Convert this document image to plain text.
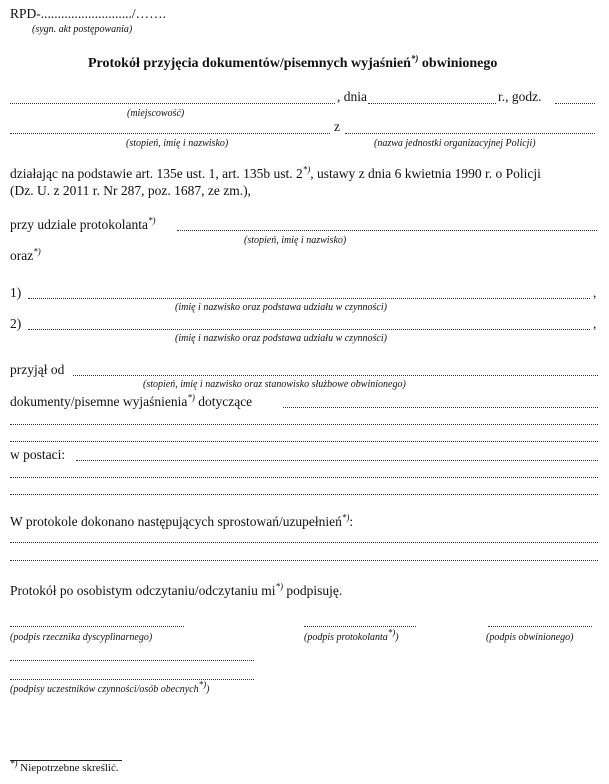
RPD-.........................../…….
(sygn. akt postępowania)
Protokół przyjęcia dokumentów/pisemnych wyjaśnień*) obwinionego
, dnia	r., godz.
(miejscowość)
z
(stopień, imię i nazwisko)	(nazwa jednostki organizacyjnej Policji)
działając na podstawie art. 135e ust. 1, art. 135b ust. 2*), ustawy z dnia 6 kwietnia 1990 r. o Policji
(Dz. U. z 2011 r. Nr 287, poz. 1687, ze zm.),
przy udziale protokolanta*)
(stopień, imię i nazwisko)
oraz*)
1)	,
(imię i nazwisko oraz podstawa udziału w czynności)
2)	,
(imię i nazwisko oraz podstawa udziału w czynności)
przyjął od
(stopień, imię i nazwisko oraz stanowisko służbowe obwinionego)
dokumenty/pisemne wyjaśnienia*) dotyczące
w postaci:
W protokole dokonano następujących sprostowań/uzupełnień*):
Protokół po osobistym odczytaniu/odczytaniu mi*) podpisuję.
(podpis rzecznika dyscyplinarnego)	(podpis protokolanta*))	(podpis obwinionego)
(podpisy uczestników czynności/osób obecnych*))
*) Niepotrzebne skreślić.
